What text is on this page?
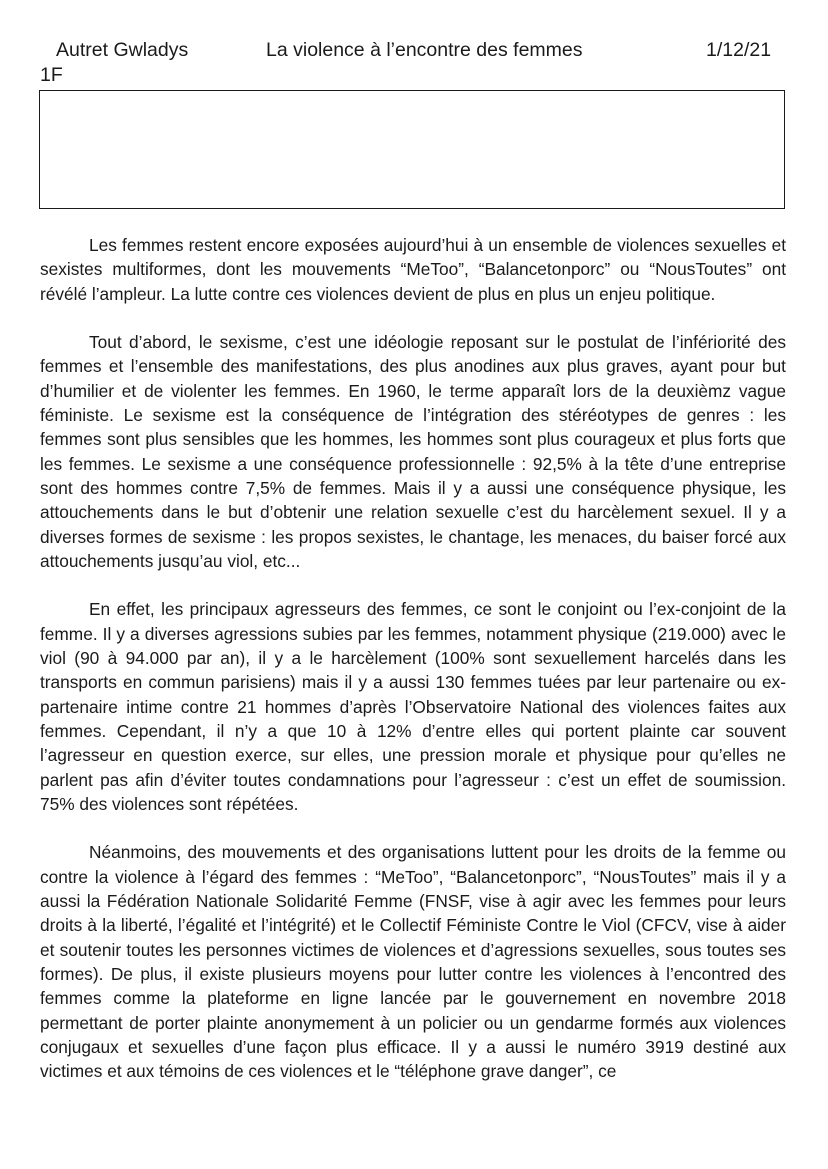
Autret Gwladys	La violence à l’encontre des femmes	1/12/21
1F

Les femmes restent encore exposées aujourd’hui à un ensemble de violences sexuelles et sexistes multiformes, dont les mouvements “MeToo”, “Balancetonporc” ou “NousToutes” ont révélé l’ampleur. La lutte contre ces violences devient de plus en plus un enjeu politique.

Tout d’abord, le sexisme, c’est une idéologie reposant sur le postulat de l’infériorité des femmes et l’ensemble des manifestations, des plus anodines aux plus graves, ayant pour but d’humilier et de violenter les femmes. En 1960, le terme apparaît lors de la deuxièmz vague féministe. Le sexisme est la conséquence de l’intégration des stéréotypes de genres : les femmes sont plus sensibles que les hommes, les hommes sont plus courageux et plus forts que les femmes. Le sexisme a une conséquence professionnelle : 92,5% à la tête d’une entreprise sont des hommes contre 7,5% de femmes. Mais il y a aussi une conséquence physique, les attouchements dans le but d’obtenir une relation sexuelle c’est du harcèlement sexuel. Il y a diverses formes de sexisme : les propos sexistes, le chantage, les menaces, du baiser forcé aux attouchements jusqu’au viol, etc...

En effet, les principaux agresseurs des femmes, ce sont le conjoint ou l’ex-conjoint de la femme. Il y a diverses agressions subies par les femmes, notamment physique (219.000) avec le viol (90 à 94.000 par an), il y a le harcèlement (100% sont sexuellement harcelés dans les transports en commun parisiens) mais il y a aussi 130 femmes tuées par leur partenaire ou ex-partenaire intime contre 21 hommes d’après l’Observatoire National des violences faites aux femmes. Cependant, il n’y a que 10 à 12% d’entre elles qui portent plainte car souvent l’agresseur en question exerce, sur elles, une pression morale et physique pour qu’elles ne parlent pas afin d’éviter toutes condamnations pour l’agresseur : c’est un effet de soumission. 75% des violences sont répétées.

Néanmoins, des mouvements et des organisations luttent pour les droits de la femme ou contre la violence à l’égard des femmes : “MeToo”, “Balancetonporc”, “NousToutes” mais il y a aussi la Fédération Nationale Solidarité Femme (FNSF, vise à agir avec les femmes pour leurs droits à la liberté, l’égalité et l’intégrité) et le Collectif Féministe Contre le Viol (CFCV, vise à aider et soutenir toutes les personnes victimes de violences et d’agressions sexuelles, sous toutes ses formes). De plus, il existe plusieurs moyens pour lutter contre les violences à l’encontred des femmes comme la plateforme en ligne lancée par le gouvernement en novembre 2018 permettant de porter plainte anonymement à un policier ou un gendarme formés aux violences conjugaux et sexuelles d’une façon plus efficace. Il y a aussi le numéro 3919 destiné aux victimes et aux témoins de ces violences et le “téléphone grave danger”, ce
